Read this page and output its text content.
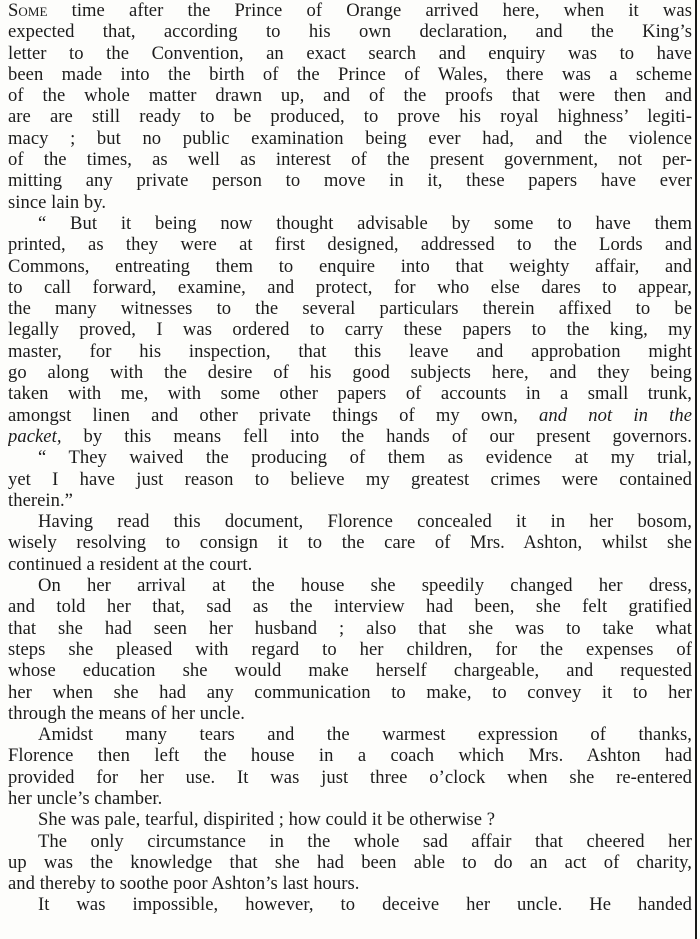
Some time after the Prince of Orange arrived here, when it was
expected that, according to his own declaration, and the King’s
letter to the Convention, an exact search and enquiry was to have
been made into the birth of the Prince of Wales, there was a scheme
of the whole matter drawn up, and of the proofs that were then and
are are still ready to be produced, to prove his royal highness’ legiti-
macy ; but no public examination being ever had, and the violence
of the times, as well as interest of the present government, not per-
mitting any private person to move in it, these papers have ever
since lain by.
“ But it being now thought advisable by some to have them
printed, as they were at first designed, addressed to the Lords and
Commons, entreating them to enquire into that weighty affair, and
to call forward, examine, and protect, for who else dares to appear,
the many witnesses to the several particulars therein affixed to be
legally proved, I was ordered to carry these papers to the king, my
master, for his inspection, that this leave and approbation might
go along with the desire of his good subjects here, and they being
taken with me, with some other papers of accounts in a small trunk,
amongst linen and other private things of my own, and not in the
packet, by this means fell into the hands of our present governors.
“ They waived the producing of them as evidence at my trial,
yet I have just reason to believe my greatest crimes were contained
therein.”
Having read this document, Florence concealed it in her bosom,
wisely resolving to consign it to the care of Mrs. Ashton, whilst she
continued a resident at the court.
On her arrival at the house she speedily changed her dress,
and told her that, sad as the interview had been, she felt gratified
that she had seen her husband ; also that she was to take what
steps she pleased with regard to her children, for the expenses of
whose education she would make herself chargeable, and requested
her when she had any communication to make, to convey it to her
through the means of her uncle.
Amidst many tears and the warmest expression of thanks,
Florence then left the house in a coach which Mrs. Ashton had
provided for her use. It was just three o’clock when she re-entered
her uncle’s chamber.
She was pale, tearful, dispirited ; how could it be otherwise ?
The only circumstance in the whole sad affair that cheered her
up was the knowledge that she had been able to do an act of charity,
and thereby to soothe poor Ashton’s last hours.
It was impossible, however, to deceive her uncle. He handed
